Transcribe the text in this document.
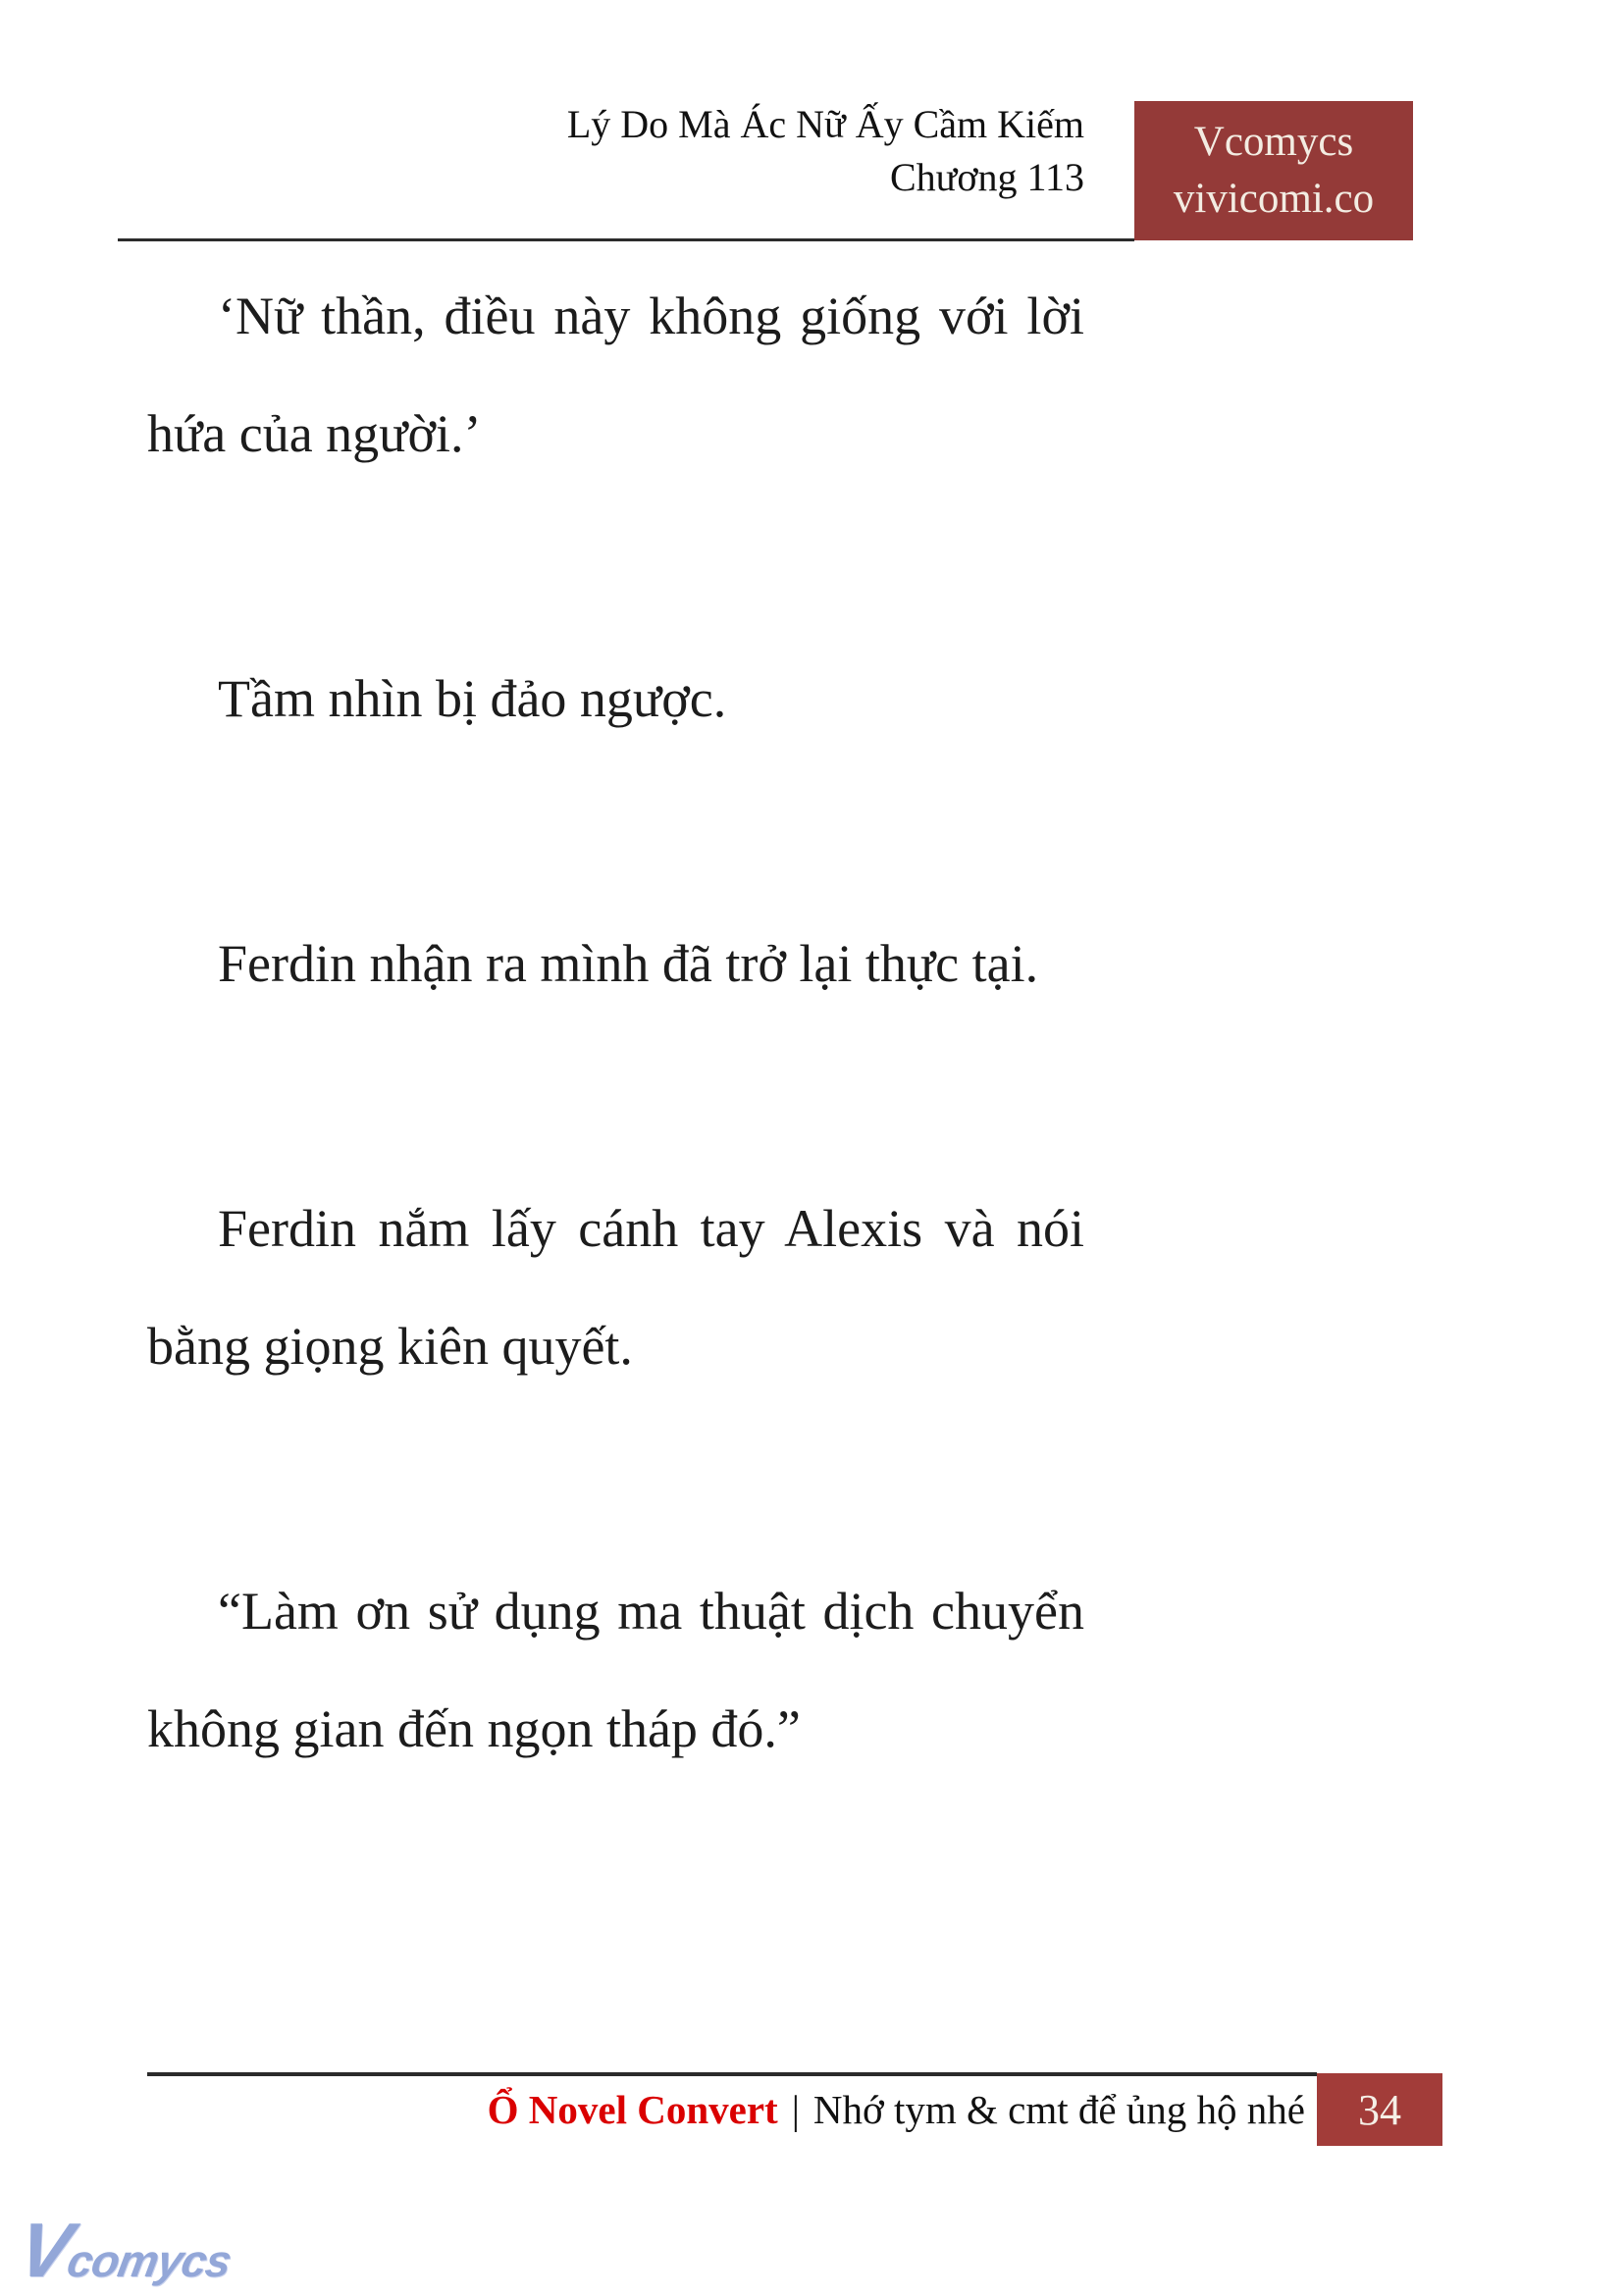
Lý Do Mà Ác Nữ Ấy Cầm Kiếm
Chương 113
Vcomycs
vivicomi.co

‘Nữ thần, điều này không giống với lời hứa của người.’

Tầm nhìn bị đảo ngược.

Ferdin nhận ra mình đã trở lại thực tại.

Ferdin nắm lấy cánh tay Alexis và nói bằng giọng kiên quyết.

“Làm ơn sử dụng ma thuật dịch chuyển không gian đến ngọn tháp đó.”

Ổ Novel Convert | Nhớ tym & cmt để ủng hộ nhé 34
Vcomycs
